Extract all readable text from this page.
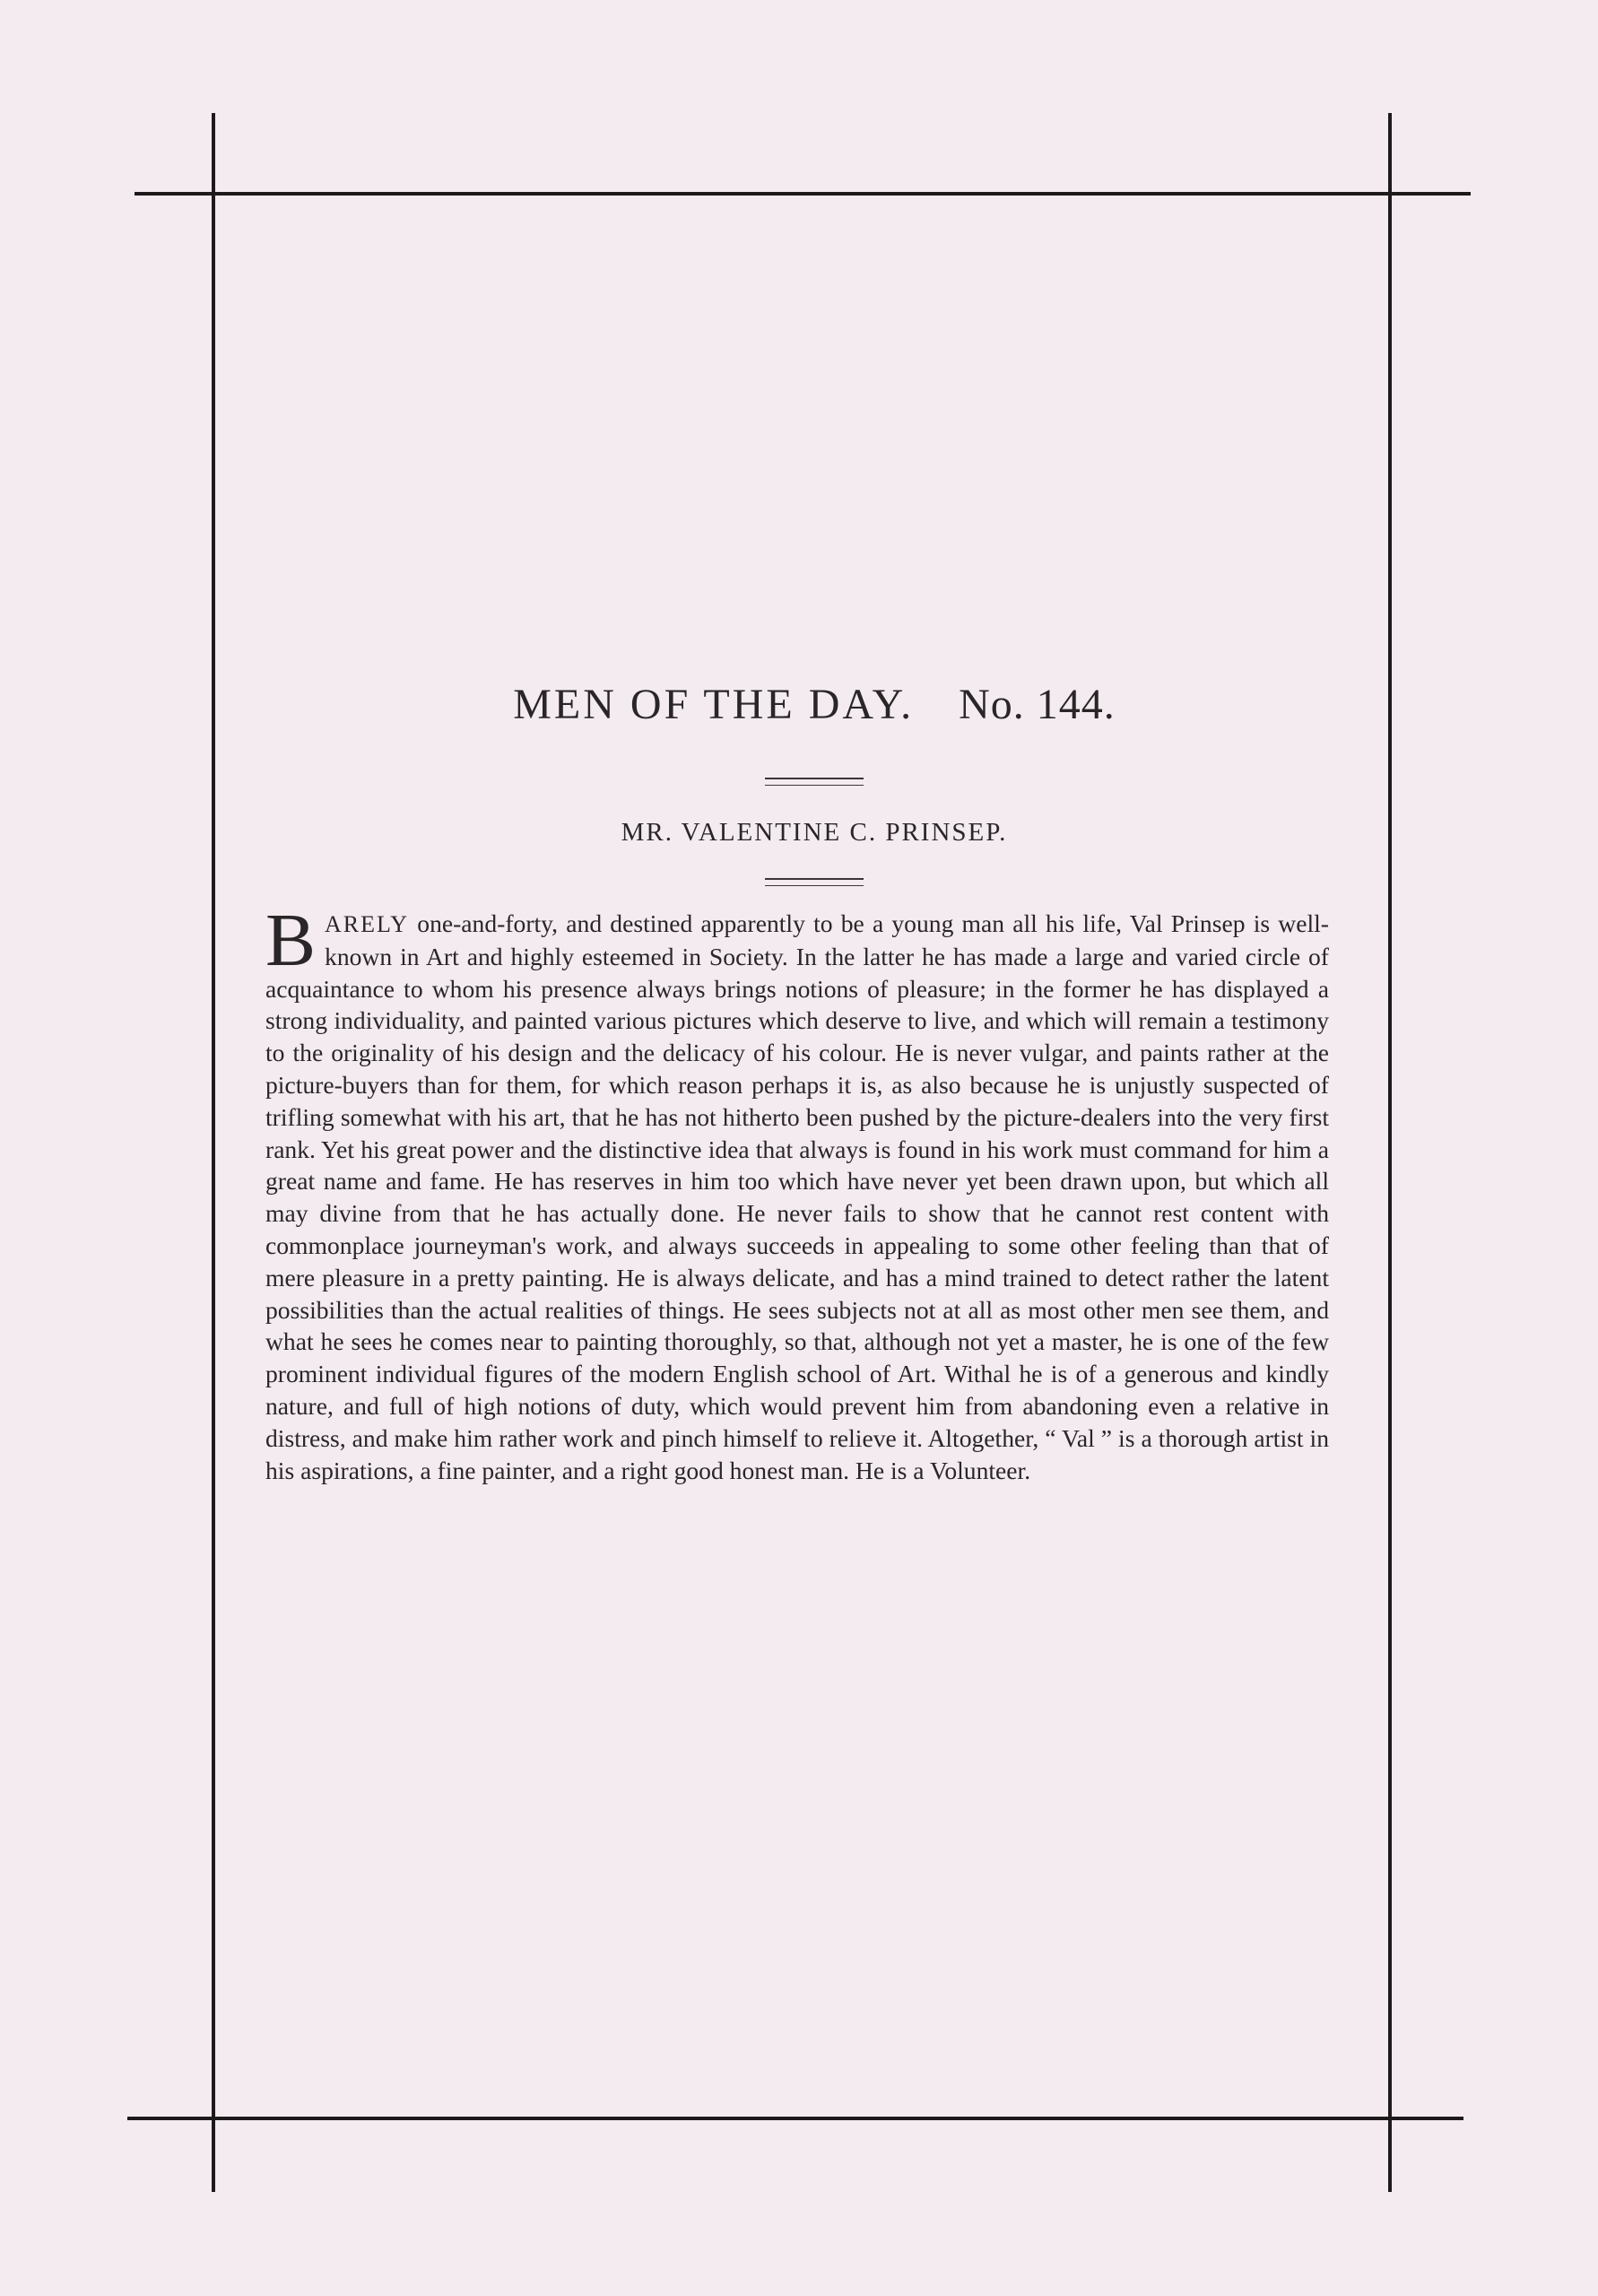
MEN OF THE DAY. No. 144.
MR. VALENTINE C. PRINSEP.
BARELY one-and-forty, and destined apparently to be a young man all his life, Val Prinsep is well-known in Art and highly esteemed in Society. In the latter he has made a large and varied circle of acquaintance to whom his presence always brings notions of pleasure; in the former he has displayed a strong individuality, and painted various pictures which deserve to live, and which will remain a testimony to the originality of his design and the delicacy of his colour. He is never vulgar, and paints rather at the picture-buyers than for them, for which reason perhaps it is, as also because he is unjustly suspected of trifling somewhat with his art, that he has not hitherto been pushed by the picture-dealers into the very first rank. Yet his great power and the distinctive idea that always is found in his work must command for him a great name and fame. He has reserves in him too which have never yet been drawn upon, but which all may divine from that he has actually done. He never fails to show that he cannot rest content with commonplace journeyman's work, and always succeeds in appealing to some other feeling than that of mere pleasure in a pretty painting. He is always delicate, and has a mind trained to detect rather the latent possibilities than the actual realities of things. He sees subjects not at all as most other men see them, and what he sees he comes near to painting thoroughly, so that, although not yet a master, he is one of the few prominent individual figures of the modern English school of Art. Withal he is of a generous and kindly nature, and full of high notions of duty, which would prevent him from abandoning even a relative in distress, and make him rather work and pinch himself to relieve it. Altogether, “ Val ” is a thorough artist in his aspirations, a fine painter, and a right good honest man. He is a Volunteer.
